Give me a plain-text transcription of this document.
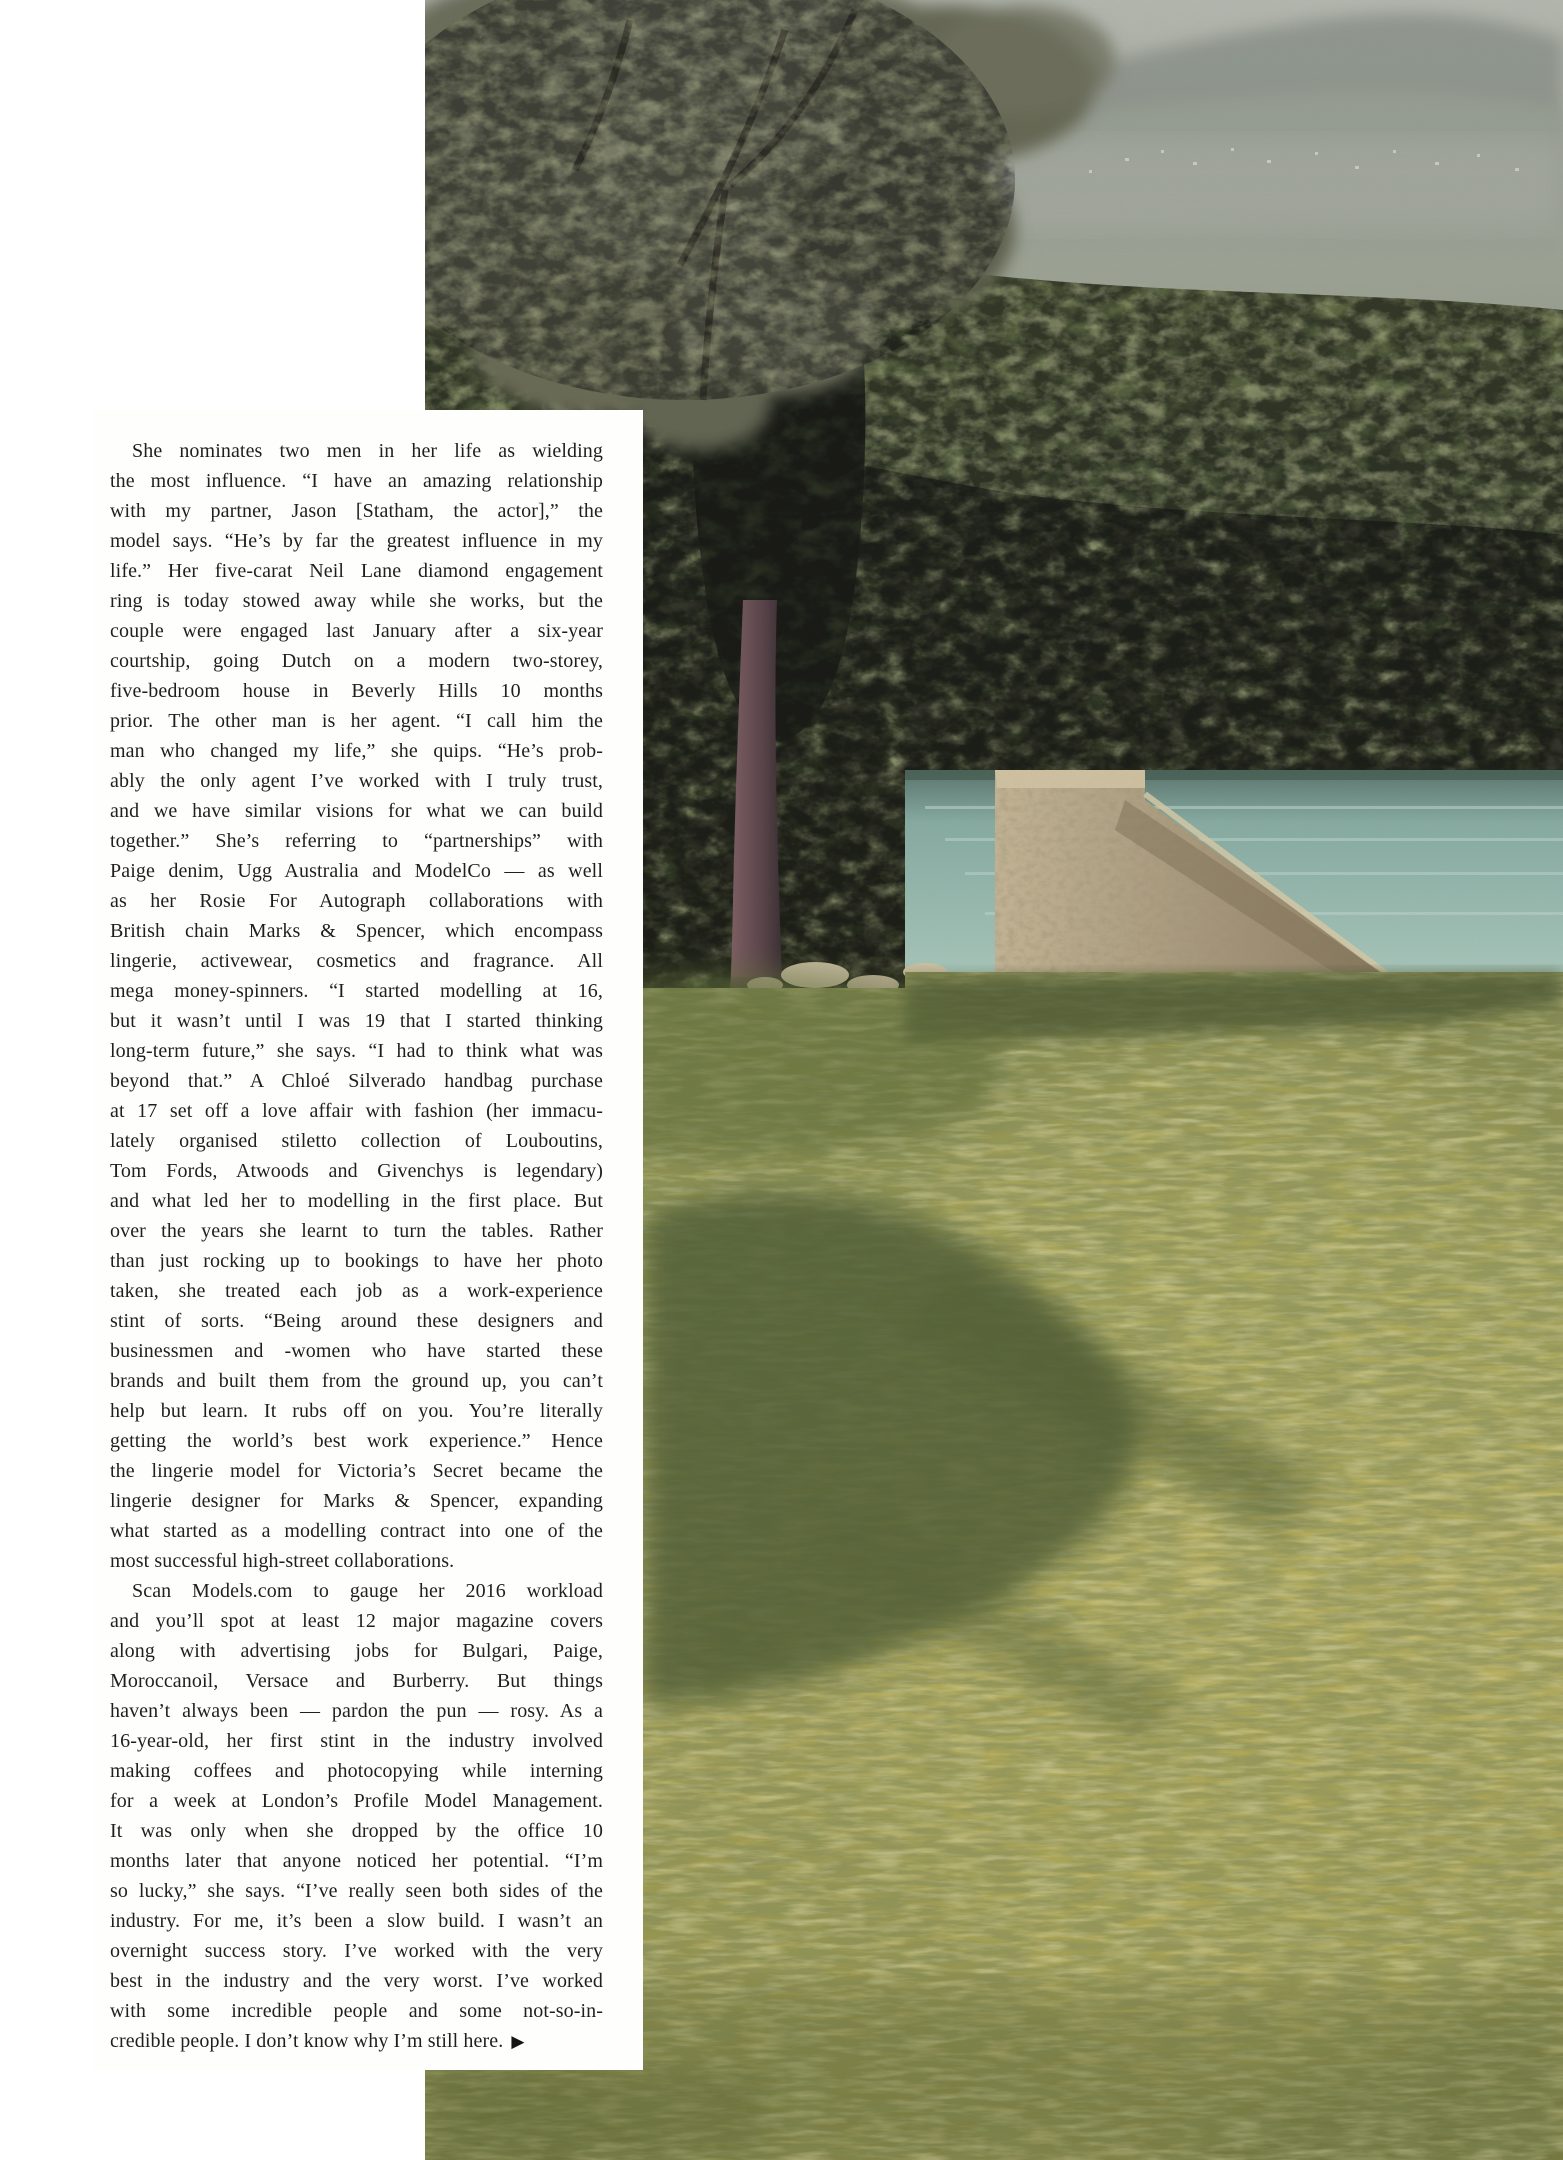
She nominates two men in her life as wielding
the most influence. “I have an amazing relationship
with my partner, Jason [Statham, the actor],” the
model says. “He’s by far the greatest influence in my
life.” Her five-carat Neil Lane diamond engagement
ring is today stowed away while she works, but the
couple were engaged last January after a six-year
courtship, going Dutch on a modern two-storey,
five-bedroom house in Beverly Hills 10 months
prior. The other man is her agent. “I call him the
man who changed my life,” she quips. “He’s prob-
ably the only agent I’ve worked with I truly trust,
and we have similar visions for what we can build
together.” She’s referring to “partnerships” with
Paige denim, Ugg Australia and ModelCo — as well
as her Rosie For Autograph collaborations with
British chain Marks & Spencer, which encompass
lingerie, activewear, cosmetics and fragrance. All
mega money-spinners. “I started modelling at 16,
but it wasn’t until I was 19 that I started thinking
long-term future,” she says. “I had to think what was
beyond that.” A Chloé Silverado handbag purchase
at 17 set off a love affair with fashion (her immacu-
lately organised stiletto collection of Louboutins,
Tom Fords, Atwoods and Givenchys is legendary)
and what led her to modelling in the first place. But
over the years she learnt to turn the tables. Rather
than just rocking up to bookings to have her photo
taken, she treated each job as a work-experience
stint of sorts. “Being around these designers and
businessmen and -women who have started these
brands and built them from the ground up, you can’t
help but learn. It rubs off on you. You’re literally
getting the world’s best work experience.” Hence
the lingerie model for Victoria’s Secret became the
lingerie designer for Marks & Spencer, expanding
what started as a modelling contract into one of the
most successful high-street collaborations.
Scan Models.com to gauge her 2016 workload
and you’ll spot at least 12 major magazine covers
along with advertising jobs for Bulgari, Paige,
Moroccanoil, Versace and Burberry. But things
haven’t always been — pardon the pun — rosy. As a
16-year-old, her first stint in the industry involved
making coffees and photocopying while interning
for a week at London’s Profile Model Management.
It was only when she dropped by the office 10
months later that anyone noticed her potential. “I’m
so lucky,” she says. “I’ve really seen both sides of the
industry. For me, it’s been a slow build. I wasn’t an
overnight success story. I’ve worked with the very
best in the industry and the very worst. I’ve worked
with some incredible people and some not-so-in-
credible people. I don’t know why I’m still here. ▶
